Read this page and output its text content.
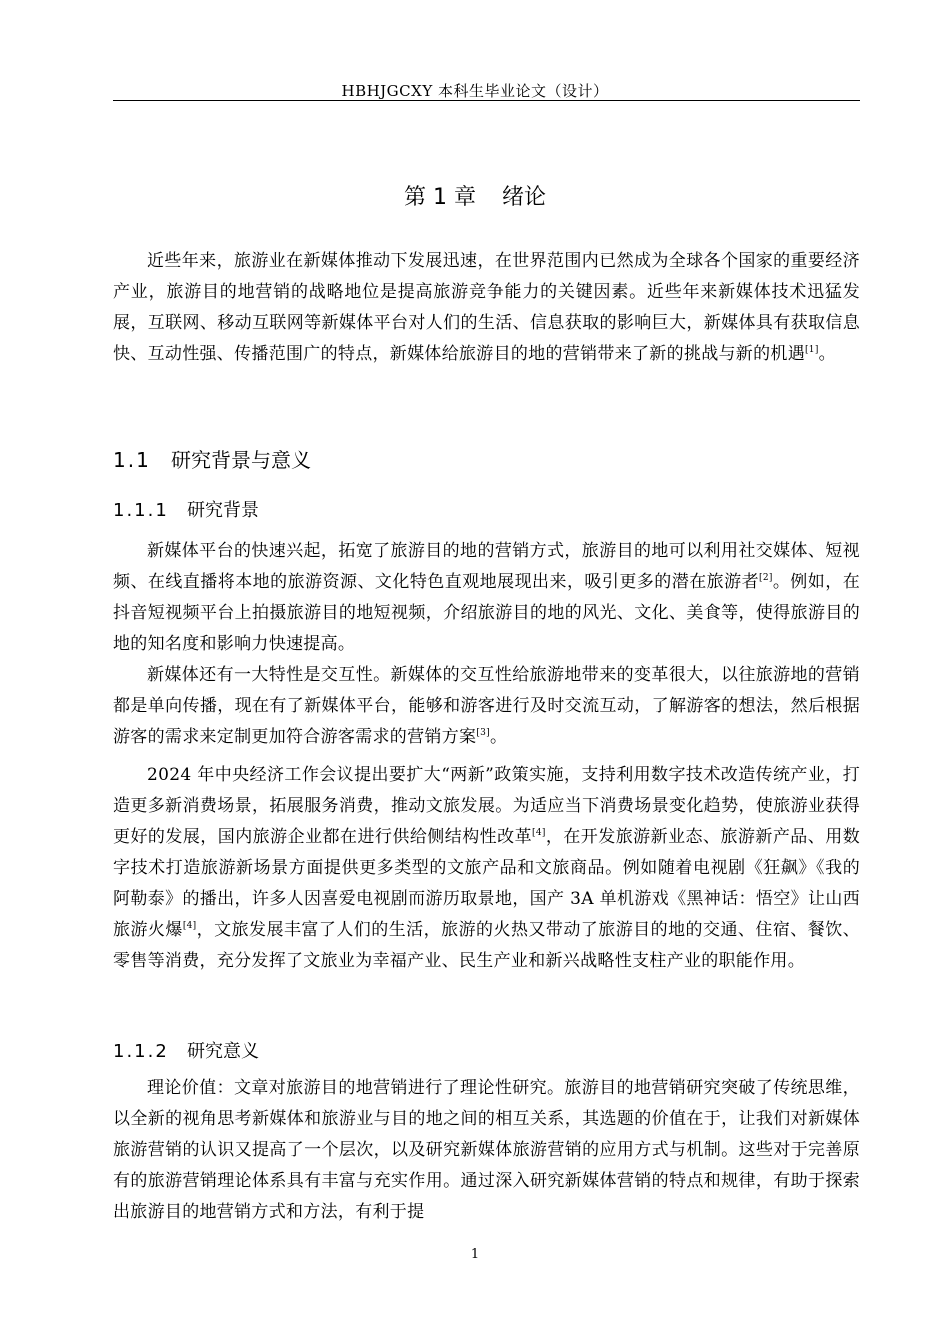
HBHJGCXY 本科生毕业论文（设计）
第 1 章 绪论
近些年来，旅游业在新媒体推动下发展迅速，在世界范围内已然成为全球各个国家的重要经济产业，旅游目的地营销的战略地位是提高旅游竞争能力的关键因素。近些年来新媒体技术迅猛发展，互联网、移动互联网等新媒体平台对人们的生活、信息获取的影响巨大，新媒体具有获取信息快、互动性强、传播范围广的特点，新媒体给旅游目的地的营销带来了新的挑战与新的机遇[1]。
1.1 研究背景与意义
1.1.1 研究背景
新媒体平台的快速兴起，拓宽了旅游目的地的营销方式，旅游目的地可以利用社交媒体、短视频、在线直播将本地的旅游资源、文化特色直观地展现出来，吸引更多的潜在旅游者[2]。例如，在抖音短视频平台上拍摄旅游目的地短视频，介绍旅游目的地的风光、文化、美食等，使得旅游目的地的知名度和影响力快速提高。
新媒体还有一大特性是交互性。新媒体的交互性给旅游地带来的变革很大，以往旅游地的营销都是单向传播，现在有了新媒体平台，能够和游客进行及时交流互动，了解游客的想法，然后根据游客的需求来定制更加符合游客需求的营销方案[3]。
2024 年中央经济工作会议提出要扩大“两新”政策实施，支持利用数字技术改造传统产业，打造更多新消费场景，拓展服务消费，推动文旅发展。为适应当下消费场景变化趋势，使旅游业获得更好的发展，国内旅游企业都在进行供给侧结构性改革[4]，在开发旅游新业态、旅游新产品、用数字技术打造旅游新场景方面提供更多类型的文旅产品和文旅商品。例如随着电视剧《狂飙》《我的阿勒泰》的播出，许多人因喜爱电视剧而游历取景地，国产 3A 单机游戏《黑神话：悟空》让山西旅游火爆[4]，文旅发展丰富了人们的生活，旅游的火热又带动了旅游目的地的交通、住宿、餐饮、零售等消费，充分发挥了文旅业为幸福产业、民生产业和新兴战略性支柱产业的职能作用。
1.1.2 研究意义
理论价值：文章对旅游目的地营销进行了理论性研究。旅游目的地营销研究突破了传统思维，以全新的视角思考新媒体和旅游业与目的地之间的相互关系，其选题的价值在于，让我们对新媒体旅游营销的认识又提高了一个层次，以及研究新媒体旅游营销的应用方式与机制。这些对于完善原有的旅游营销理论体系具有丰富与充实作用。通过深入研究新媒体营销的特点和规律，有助于探索出旅游目的地营销方式和方法，有利于提
1
